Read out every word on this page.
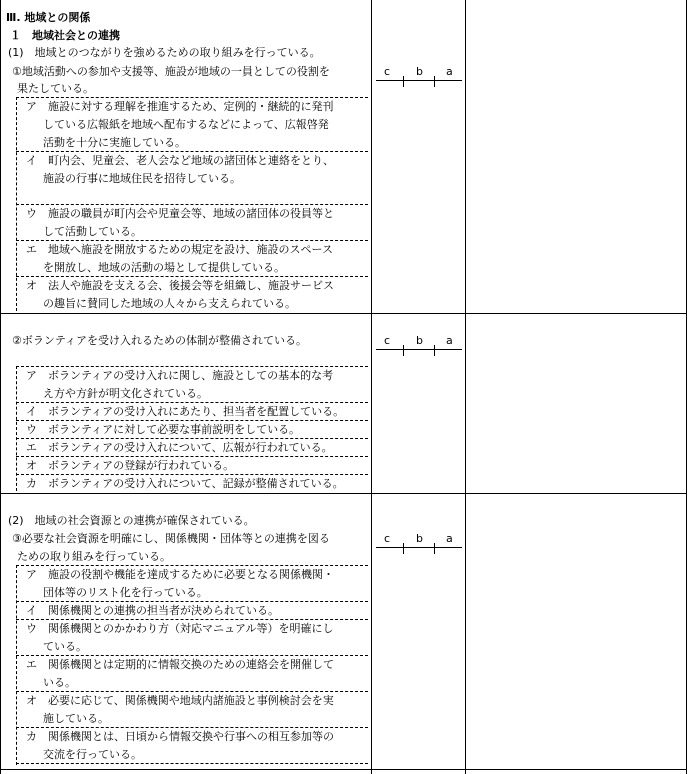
Ⅲ. 地域との関係
１　地域社会との連携
(1)　地域とのつながりを強めるための取り組みを行っている。
①地域活動への参加や支援等、施設が地域の一員としての役割を
果たしている。
c b a
ア　施設に対する理解を推進するため、定例的・継続的に発刊
している広報紙を地域へ配布するなどによって、広報啓発
活動を十分に実施している。
イ　町内会、児童会、老人会など地域の諸団体と連絡をとり、
施設の行事に地域住民を招待している。
ウ　施設の職員が町内会や児童会等、地域の諸団体の役員等と
して活動している。
エ　地域へ施設を開放するための規定を設け、施設のスペース
を開放し、地域の活動の場として提供している。
オ　法人や施設を支える会、後援会等を組織し、施設サービス
の趣旨に賛同した地域の人々から支えられている。
②ボランティアを受け入れるための体制が整備されている。	c b a
ア　ボランティアの受け入れに関し、施設としての基本的な考
え方や方針が明文化されている。
イ　ボランティアの受け入れにあたり、担当者を配置している。
ウ　ボランティアに対して必要な事前説明をしている。
エ　ボランティアの受け入れについて、広報が行われている。
オ　ボランティアの登録が行われている。
カ　ボランティアの受け入れについて、記録が整備されている。
(2)　地域の社会資源との連携が確保されている。
③必要な社会資源を明確にし、関係機関・団体等との連携を図る
ための取り組みを行っている。
c b a
ア　施設の役割や機能を達成するために必要となる関係機関・
団体等のリスト化を行っている。
イ　関係機関との連携の担当者が決められている。
ウ　関係機関とのかかわり方（対応マニュアル等）を明確にし
ている。
エ　関係機関とは定期的に情報交換のための連絡会を開催して
いる。
オ　必要に応じて、関係機関や地域内諸施設と事例検討会を実
施している。
カ　関係機関とは、日頃から情報交換や行事への相互参加等の
交流を行っている。
